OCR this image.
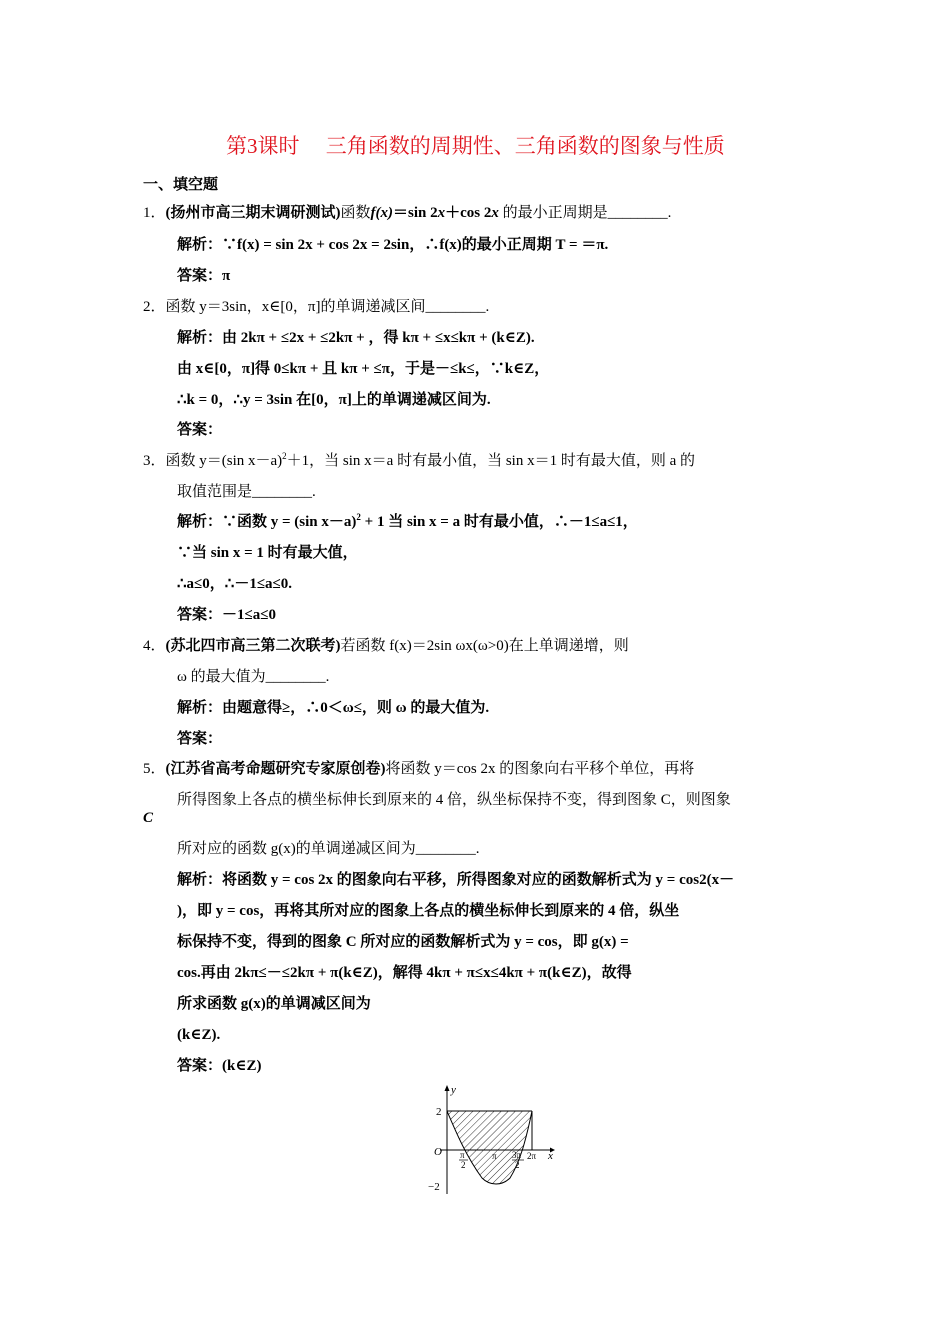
第3课时　 三角函数的周期性、三角函数的图象与性质
一、填空题
1．(扬州市高三期末调研测试)函数f(x)＝sin 2x＋cos 2x 的最小正周期是________.
解析：∵f(x) = sin 2x + cos 2x = 2sin，∴f(x)的最小正周期 T = ＝π.
答案：π
2．函数 y＝3sin，x∈[0，π]的单调递减区间________.
解析：由 2kπ + ≤2x + ≤2kπ + ，得 kπ + ≤x≤kπ + (k∈Z).
由 x∈[0，π]得 0≤kπ + 且 kπ + ≤π，于是－≤k≤，∵k∈Z，
∴k = 0，∴y = 3sin 在[0，π]上的单调递减区间为.
答案：
3．函数 y＝(sin x－a)$^2$＋1，当 sin x＝a 时有最小值，当 sin x＝1 时有最大值，则 a 的
取值范围是________.
解析：∵函数 y = (sin x－a)$^2$ + 1 当 sin x = a 时有最小值，∴－1≤a≤1，
∵当 sin x = 1 时有最大值，
∴a≤0，∴－1≤a≤0.
答案：－1≤a≤0
4．(苏北四市高三第二次联考)若函数 f(x)＝2sin ωx(ω>0)在上单调递增，则
ω 的最大值为________.
解析：由题意得≥，∴0＜ω≤，则 ω 的最大值为.
答案：
5．(江苏省高考命题研究专家原创卷)将函数 y＝cos 2x 的图象向右平移个单位，再将
所得图象上各点的横坐标伸长到原来的 4 倍，纵坐标保持不变，得到图象 C，则图象
C
所对应的函数 g(x)的单调递减区间为________.
解析：将函数 y = cos 2x 的图象向右平移，所得图象对应的函数解析式为 y = cos2(x－
)，即 y = cos，再将其所对应的图象上各点的横坐标伸长到原来的 4 倍，纵坐
标保持不变，得到的图象 C 所对应的函数解析式为 y = cos，即 g(x) =
cos.再由 2kπ≤－≤2kπ + π(k∈Z)，解得 4kπ + π≤x≤4kπ + π(k∈Z)，故得
所求函数 g(x)的单调减区间为
(k∈Z).
答案：(k∈Z)
y
x
O
2
−2
π
2
π 3π
2
2π
